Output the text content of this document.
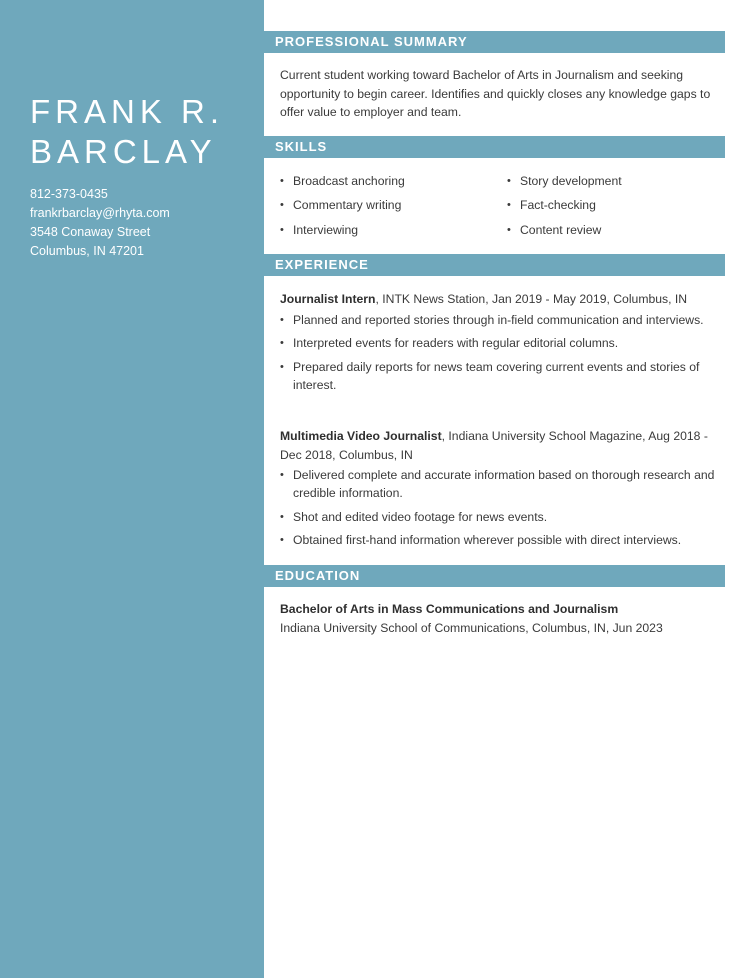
FRANK R.
BARCLAY
812-373-0435
frankrbarclay@rhyta.com
3548 Conaway Street
Columbus, IN 47201
PROFESSIONAL SUMMARY
Current student working toward Bachelor of Arts in Journalism and seeking opportunity to begin career. Identifies and quickly closes any knowledge gaps to offer value to employer and team.
SKILLS
• Broadcast anchoring
• Commentary writing
• Interviewing
• Story development
• Fact-checking
• Content review
EXPERIENCE
Journalist Intern, INTK News Station, Jan 2019 - May 2019, Columbus, IN
• Planned and reported stories through in-field communication and interviews.
• Interpreted events for readers with regular editorial columns.
• Prepared daily reports for news team covering current events and stories of interest.
Multimedia Video Journalist, Indiana University School Magazine, Aug 2018 - Dec 2018, Columbus, IN
• Delivered complete and accurate information based on thorough research and credible information.
• Shot and edited video footage for news events.
• Obtained first-hand information wherever possible with direct interviews.
EDUCATION
Bachelor of Arts in Mass Communications and Journalism
Indiana University School of Communications, Columbus, IN, Jun 2023
